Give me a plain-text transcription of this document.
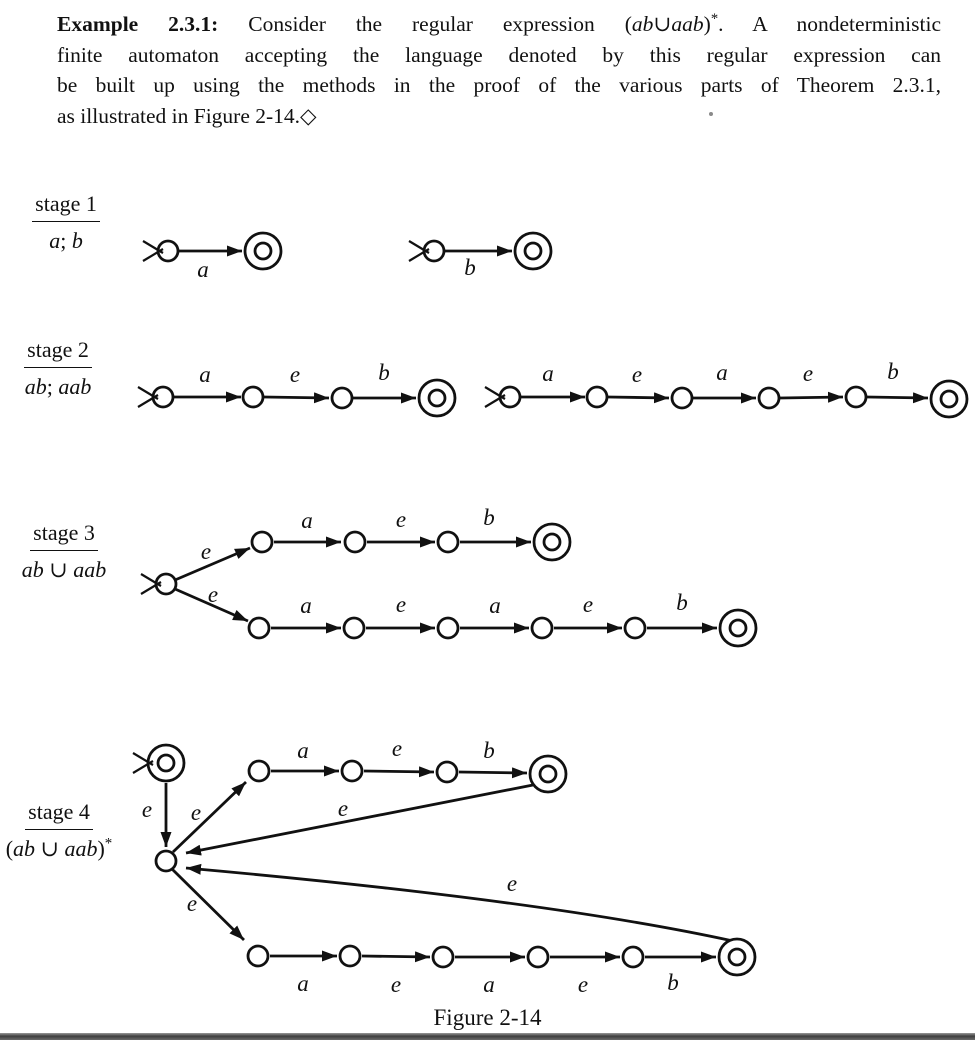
Example 2.3.1: Consider the regular expression (ab∪aab)*. A nondeterministic
finite automaton accepting the language denoted by this regular expression can
be built up using the methods in the proof of the various parts of Theorem 2.3.1,
as illustrated in Figure 2-14.◇
stage 1
a; b
stage 2
ab; aab
stage 3
ab ∪ aab
stage 4
(ab ∪ aab)*
a	b
a	e	b	a	e	a	e	b
e
a	e	b
e	a	e	a	e	b
e e
a	e	b
e
e
a	e	a	e	b
e
Figure 2-14
